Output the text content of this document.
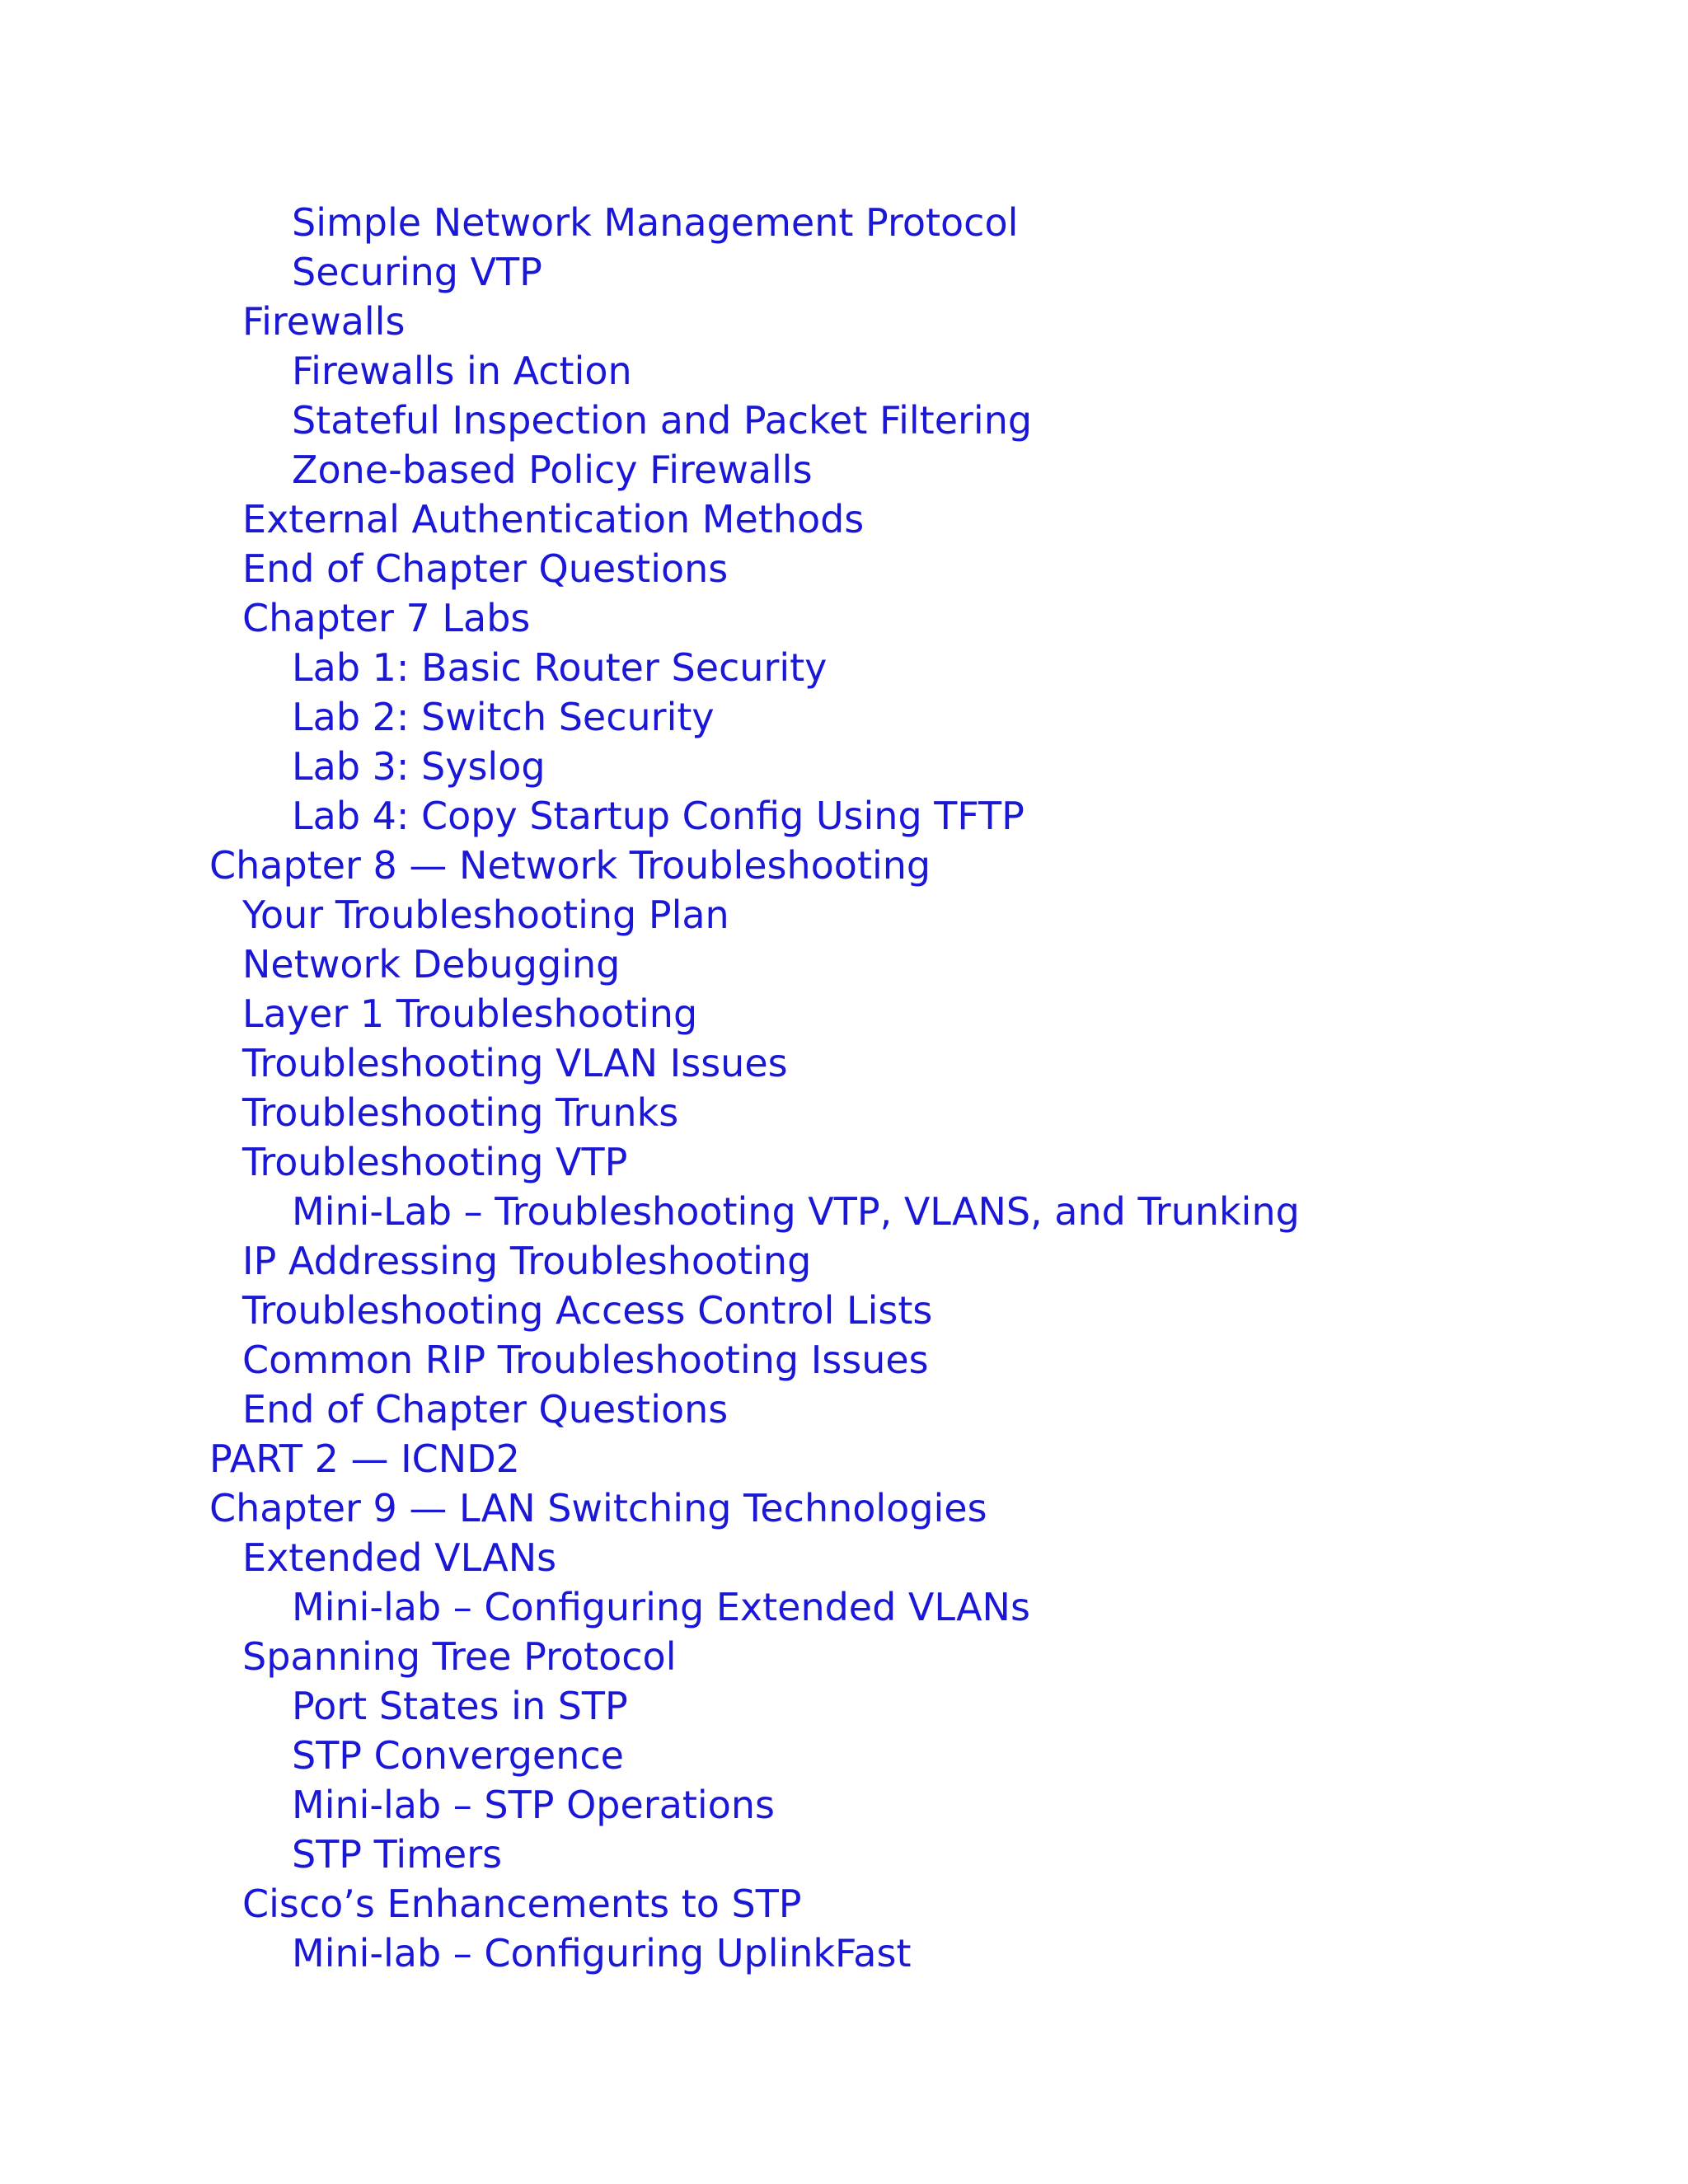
Simple Network Management Protocol
Securing VTP
Firewalls
Firewalls in Action
Stateful Inspection and Packet Filtering
Zone-based Policy Firewalls
External Authentication Methods
End of Chapter Questions
Chapter 7 Labs
Lab 1: Basic Router Security
Lab 2: Switch Security
Lab 3: Syslog
Lab 4: Copy Startup Config Using TFTP
Chapter 8 — Network Troubleshooting
Your Troubleshooting Plan
Network Debugging
Layer 1 Troubleshooting
Troubleshooting VLAN Issues
Troubleshooting Trunks
Troubleshooting VTP
Mini-Lab – Troubleshooting VTP, VLANS, and Trunking
IP Addressing Troubleshooting
Troubleshooting Access Control Lists
Common RIP Troubleshooting Issues
End of Chapter Questions
PART 2 — ICND2
Chapter 9 — LAN Switching Technologies
Extended VLANs
Mini-lab – Configuring Extended VLANs
Spanning Tree Protocol
Port States in STP
STP Convergence
Mini-lab – STP Operations
STP Timers
Cisco’s Enhancements to STP
Mini-lab – Configuring UplinkFast
